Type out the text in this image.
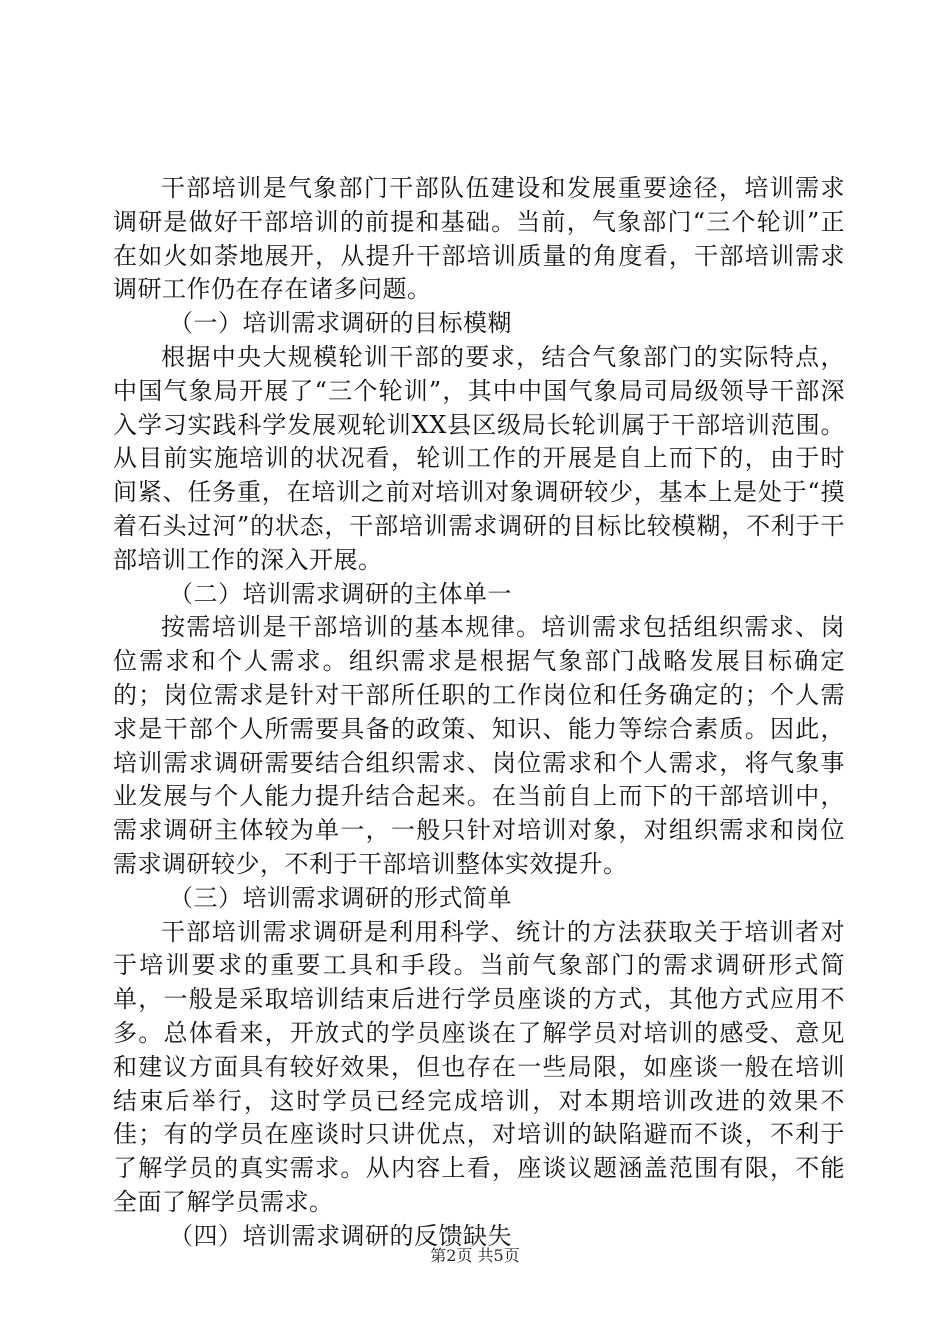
干部培训是气象部门干部队伍建设和发展重要途径，培训需求调研是做好干部培训的前提和基础。当前，气象部门“三个轮训”正在如火如荼地展开，从提升干部培训质量的角度看，干部培训需求调研工作仍在存在诸多问题。

（一）培训需求调研的目标模糊

根据中央大规模轮训干部的要求，结合气象部门的实际特点，中国气象局开展了“三个轮训”，其中中国气象局司局级领导干部深入学习实践科学发展观轮训XX县区级局长轮训属于干部培训范围。从目前实施培训的状况看，轮训工作的开展是自上而下的，由于时间紧、任务重，在培训之前对培训对象调研较少，基本上是处于“摸着石头过河”的状态，干部培训需求调研的目标比较模糊，不利于干部培训工作的深入开展。

（二）培训需求调研的主体单一

按需培训是干部培训的基本规律。培训需求包括组织需求、岗位需求和个人需求。组织需求是根据气象部门战略发展目标确定的；岗位需求是针对干部所任职的工作岗位和任务确定的；个人需求是干部个人所需要具备的政策、知识、能力等综合素质。因此，培训需求调研需要结合组织需求、岗位需求和个人需求，将气象事业发展与个人能力提升结合起来。在当前自上而下的干部培训中，需求调研主体较为单一，一般只针对培训对象，对组织需求和岗位需求调研较少，不利于干部培训整体实效提升。

（三）培训需求调研的形式简单

干部培训需求调研是利用科学、统计的方法获取关于培训者对于培训要求的重要工具和手段。当前气象部门的需求调研形式简单，一般是采取培训结束后进行学员座谈的方式，其他方式应用不多。总体看来，开放式的学员座谈在了解学员对培训的感受、意见和建议方面具有较好效果，但也存在一些局限，如座谈一般在培训结束后举行，这时学员已经完成培训，对本期培训改进的效果不佳；有的学员在座谈时只讲优点，对培训的缺陷避而不谈，不利于了解学员的真实需求。从内容上看，座谈议题涵盖范围有限，不能全面了解学员需求。

（四）培训需求调研的反馈缺失

第2页 共5页
